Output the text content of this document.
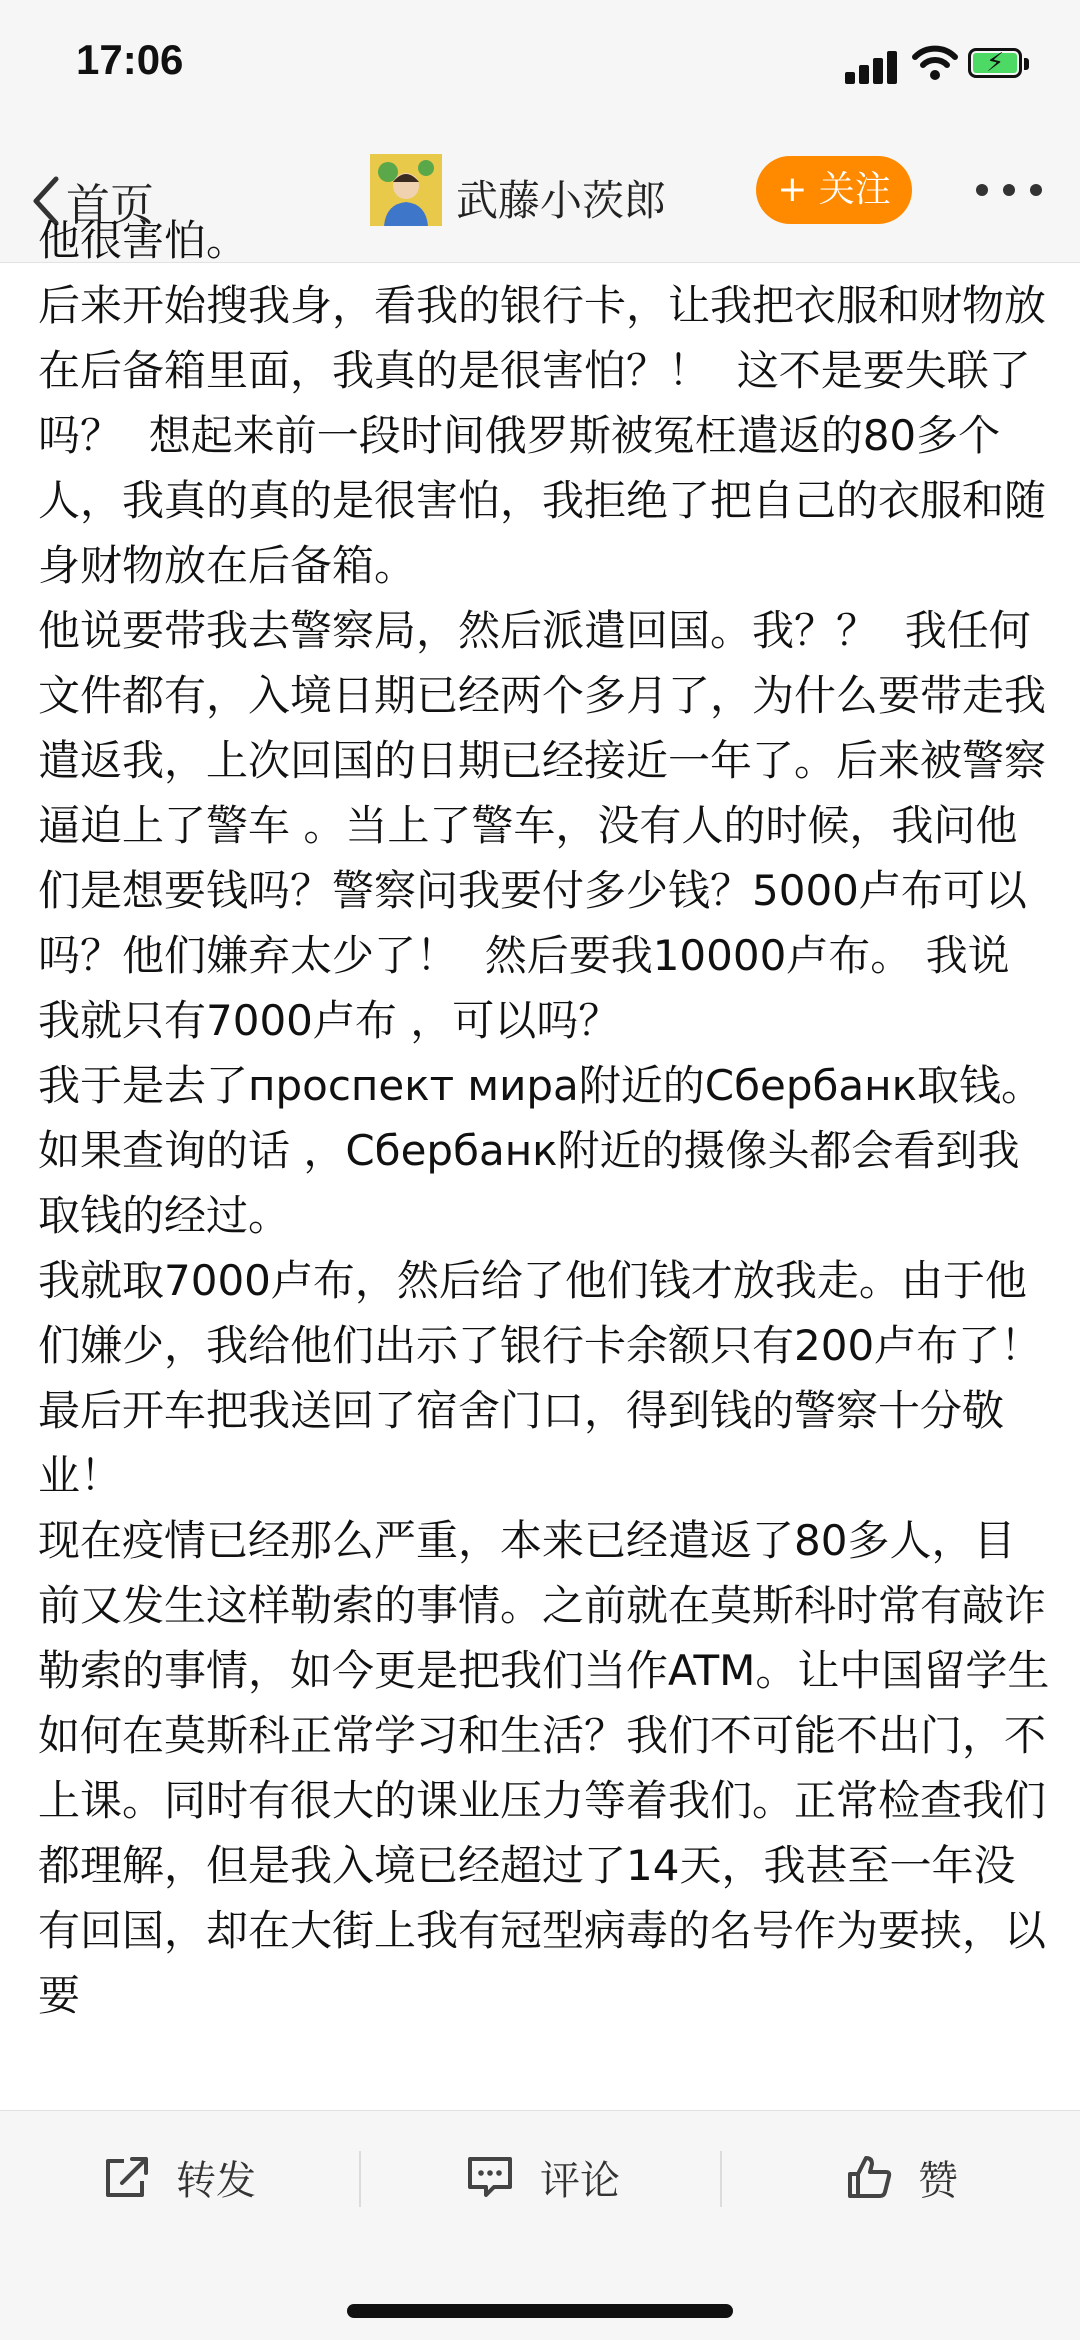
17:06	⚡
首页	武藤小茨郎	+ 关注
他很害怕。
后来开始搜我身，看我的银行卡，让我把衣服和财物放在后备箱里面，我真的是很害怕？！  这不是要失联了吗？  想起来前一段时间俄罗斯被冤枉遣返的80多个人，我真的真的是很害怕，我拒绝了把自己的衣服和随身财物放在后备箱。
他说要带我去警察局，然后派遣回国。我？？  我任何文件都有，入境日期已经两个多月了，为什么要带走我遣返我，上次回国的日期已经接近一年了。后来被警察逼迫上了警车 。当上了警车，没有人的时候，我问他们是想要钱吗？警察问我要付多少钱？5000卢布可以吗？他们嫌弃太少了！  然后要我10000卢布。 我说我就只有7000卢布 ，可以吗？
我于是去了проспект мира附近的Сбербанк取钱。如果查询的话 ，Сбербанк附近的摄像头都会看到我取钱的经过。
我就取7000卢布，然后给了他们钱才放我走。由于他们嫌少，我给他们出示了银行卡余额只有200卢布了！最后开车把我送回了宿舍门口，得到钱的警察十分敬业！
现在疫情已经那么严重，本来已经遣返了80多人，目前又发生这样勒索的事情。之前就在莫斯科时常有敲诈勒索的事情，如今更是把我们当作ATM。让中国留学生如何在莫斯科正常学习和生活？我们不可能不出门，不上课。同时有很大的课业压力等着我们。正常检查我们都理解，但是我入境已经超过了14天，我甚至一年没有回国，却在大街上我有冠型病毒的名号作为要挟，以要
转发	评论	赞
